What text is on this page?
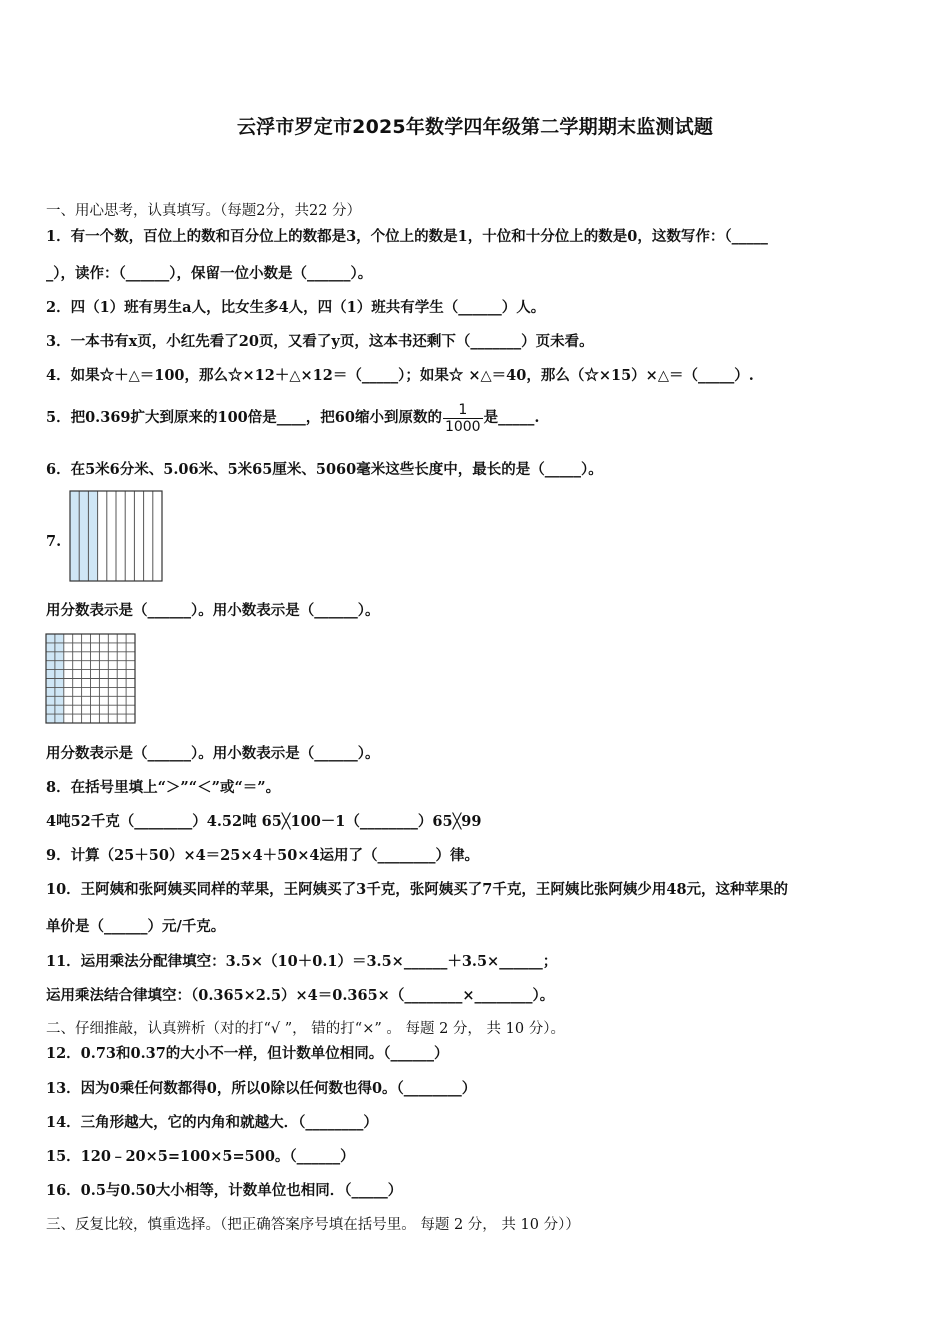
云浮市罗定市2025年数学四年级第二学期期末监测试题
一、用心思考，认真填写。（每题2分，共22 分）
1．有一个数，百位上的数和百分位上的数都是3，个位上的数是1，十位和十分位上的数是0，这数写作：（_____
_），读作：（______），保留一位小数是（______）。
2．四（1）班有男生a人，比女生多4人，四（1）班共有学生（______）人。
3．一本书有x页，小红先看了20页，又看了y页，这本书还剩下（_______）页未看。
4．如果☆＋△＝100，那么☆×12＋△×12＝（_____）；如果☆ ×△＝40，那么（☆×15）×△＝（_____）.
5．把0.369扩大到原来的100倍是____，把60缩小到原数的 $\frac{1}{1000}$ 是_____.
6．在5米6分米、5.06米、5米65厘米、5060毫米这些长度中，最长的是（_____）。
7.
用分数表示是（______）。用小数表示是（______）。
用分数表示是（______）。用小数表示是（______）。
8．在括号里填上“＞”“＜”或“＝”。
4吨52千克（________）4.52吨 65╳100－1（________）65╳99
9．计算（25＋50）×4＝25×4＋50×4运用了（________）律。
10．王阿姨和张阿姨买同样的苹果，王阿姨买了3千克，张阿姨买了7千克，王阿姨比张阿姨少用48元，这种苹果的
单价是（______）元/千克。
11．运用乘法分配律填空：3.5×（10＋0.1）＝3.5×______＋3.5×______；
运用乘法结合律填空：（0.365×2.5）×4＝0.365×（________×________）。
二、仔细推敲，认真辨析（对的打“√ ”， 错的打“×” 。 每题 2 分， 共 10 分）。
12．0.73和0.37的大小不一样，但计数单位相同。（______）
13．因为0乘任何数都得0，所以0除以任何数也得0。（________）
14．三角形越大，它的内角和就越大．（________）
15．120﹣20×5=100×5=500。（______）
16．0.5与0.50大小相等，计数单位也相同．（_____）
三、反复比较，慎重选择。（把正确答案序号填在括号里。 每题 2 分， 共 10 分））
